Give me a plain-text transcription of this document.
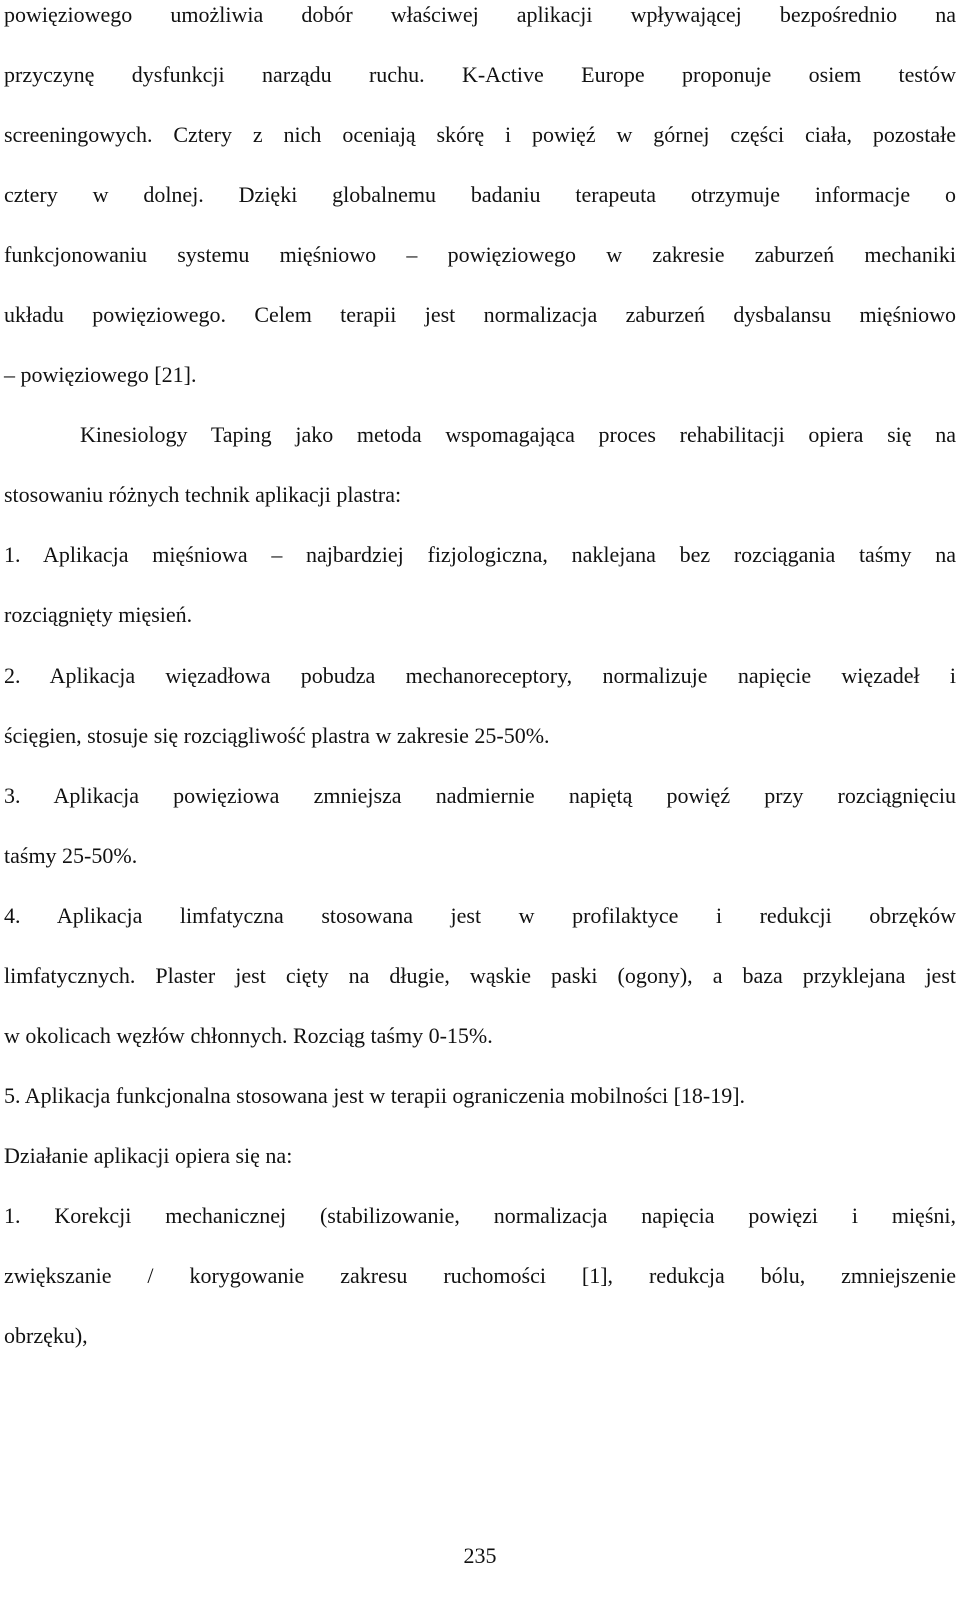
powięziowego umożliwia dobór właściwej aplikacji wpływającej bezpośrednio na
przyczynę dysfunkcji narządu ruchu. K-Active Europe proponuje osiem testów
screeningowych. Cztery z nich oceniają skórę i powięź w górnej części ciała, pozostałe
cztery w dolnej. Dzięki globalnemu badaniu terapeuta otrzymuje informacje o
funkcjonowaniu systemu mięśniowo – powięziowego w zakresie zaburzeń mechaniki
układu powięziowego. Celem terapii jest normalizacja zaburzeń dysbalansu mięśniowo
– powięziowego [21].
Kinesiology Taping jako metoda wspomagająca proces rehabilitacji opiera się na
stosowaniu różnych technik aplikacji plastra:
1. Aplikacja mięśniowa – najbardziej fizjologiczna, naklejana bez rozciągania taśmy na
rozciągnięty mięsień.
2. Aplikacja więzadłowa pobudza mechanoreceptory, normalizuje napięcie więzadeł i
ścięgien, stosuje się rozciągliwość plastra w zakresie 25-50%.
3. Aplikacja powięziowa zmniejsza nadmiernie napiętą powięź przy rozciągnięciu
taśmy 25-50%.
4. Aplikacja limfatyczna stosowana jest w profilaktyce i redukcji obrzęków
limfatycznych. Plaster jest cięty na długie, wąskie paski (ogony), a baza przyklejana jest
w okolicach węzłów chłonnych. Rozciąg taśmy 0-15%.
5. Aplikacja funkcjonalna stosowana jest w terapii ograniczenia mobilności [18-19].
Działanie aplikacji opiera się na:
1. Korekcji mechanicznej (stabilizowanie, normalizacja napięcia powięzi i mięśni,
zwiększanie / korygowanie zakresu ruchomości [1], redukcja bólu, zmniejszenie
obrzęku),
235
